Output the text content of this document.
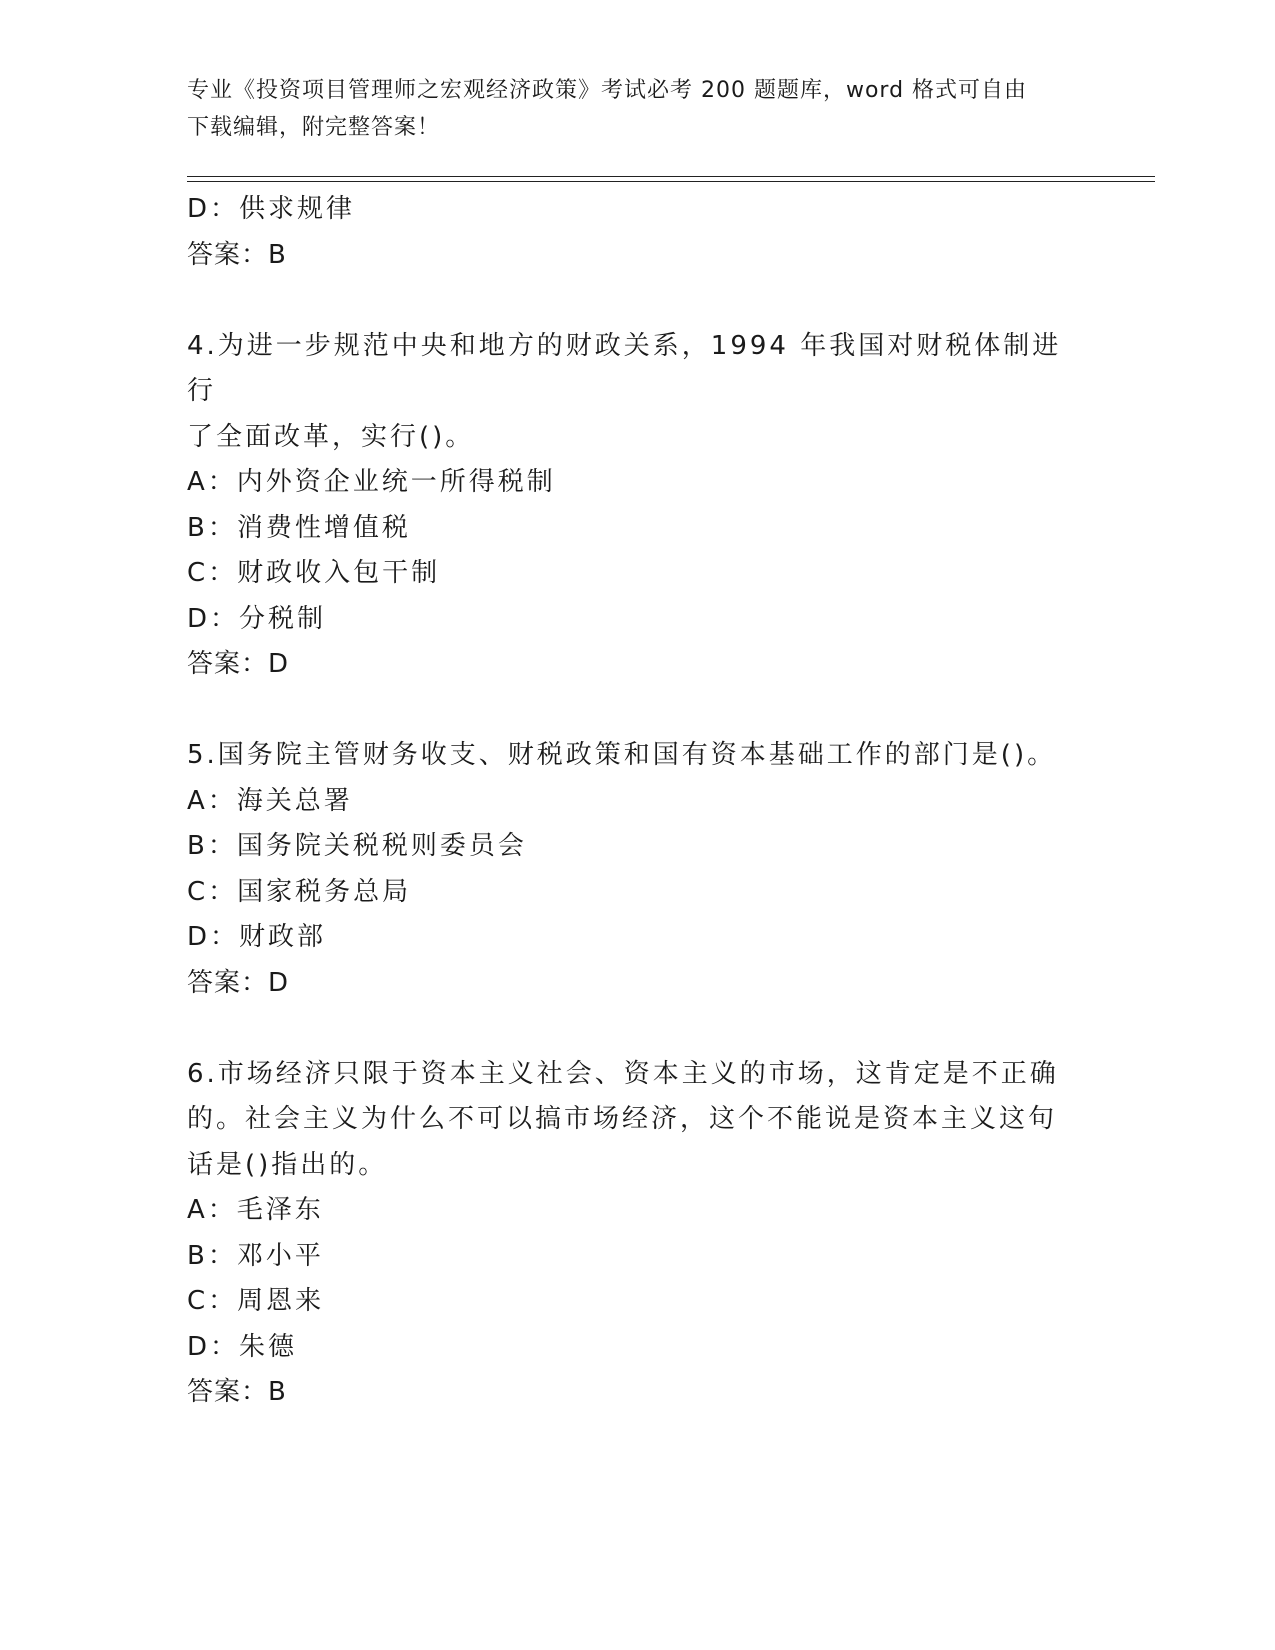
专业《投资项目管理师之宏观经济政策》考试必考 200 题题库，word 格式可自由
下载编辑，附完整答案！
D：供求规律
答案：B
4.为进一步规范中央和地方的财政关系，1994 年我国对财税体制进行
了全面改革，实行()。
A：内外资企业统一所得税制
B：消费性增值税
C：财政收入包干制
D：分税制
答案：D
5.国务院主管财务收支、财税政策和国有资本基础工作的部门是()。
A：海关总署
B：国务院关税税则委员会
C：国家税务总局
D：财政部
答案：D
6.市场经济只限于资本主义社会、资本主义的市场，这肯定是不正确
的。社会主义为什么不可以搞市场经济，这个不能说是资本主义这句
话是()指出的。
A：毛泽东
B：邓小平
C：周恩来
D：朱德
答案：B
